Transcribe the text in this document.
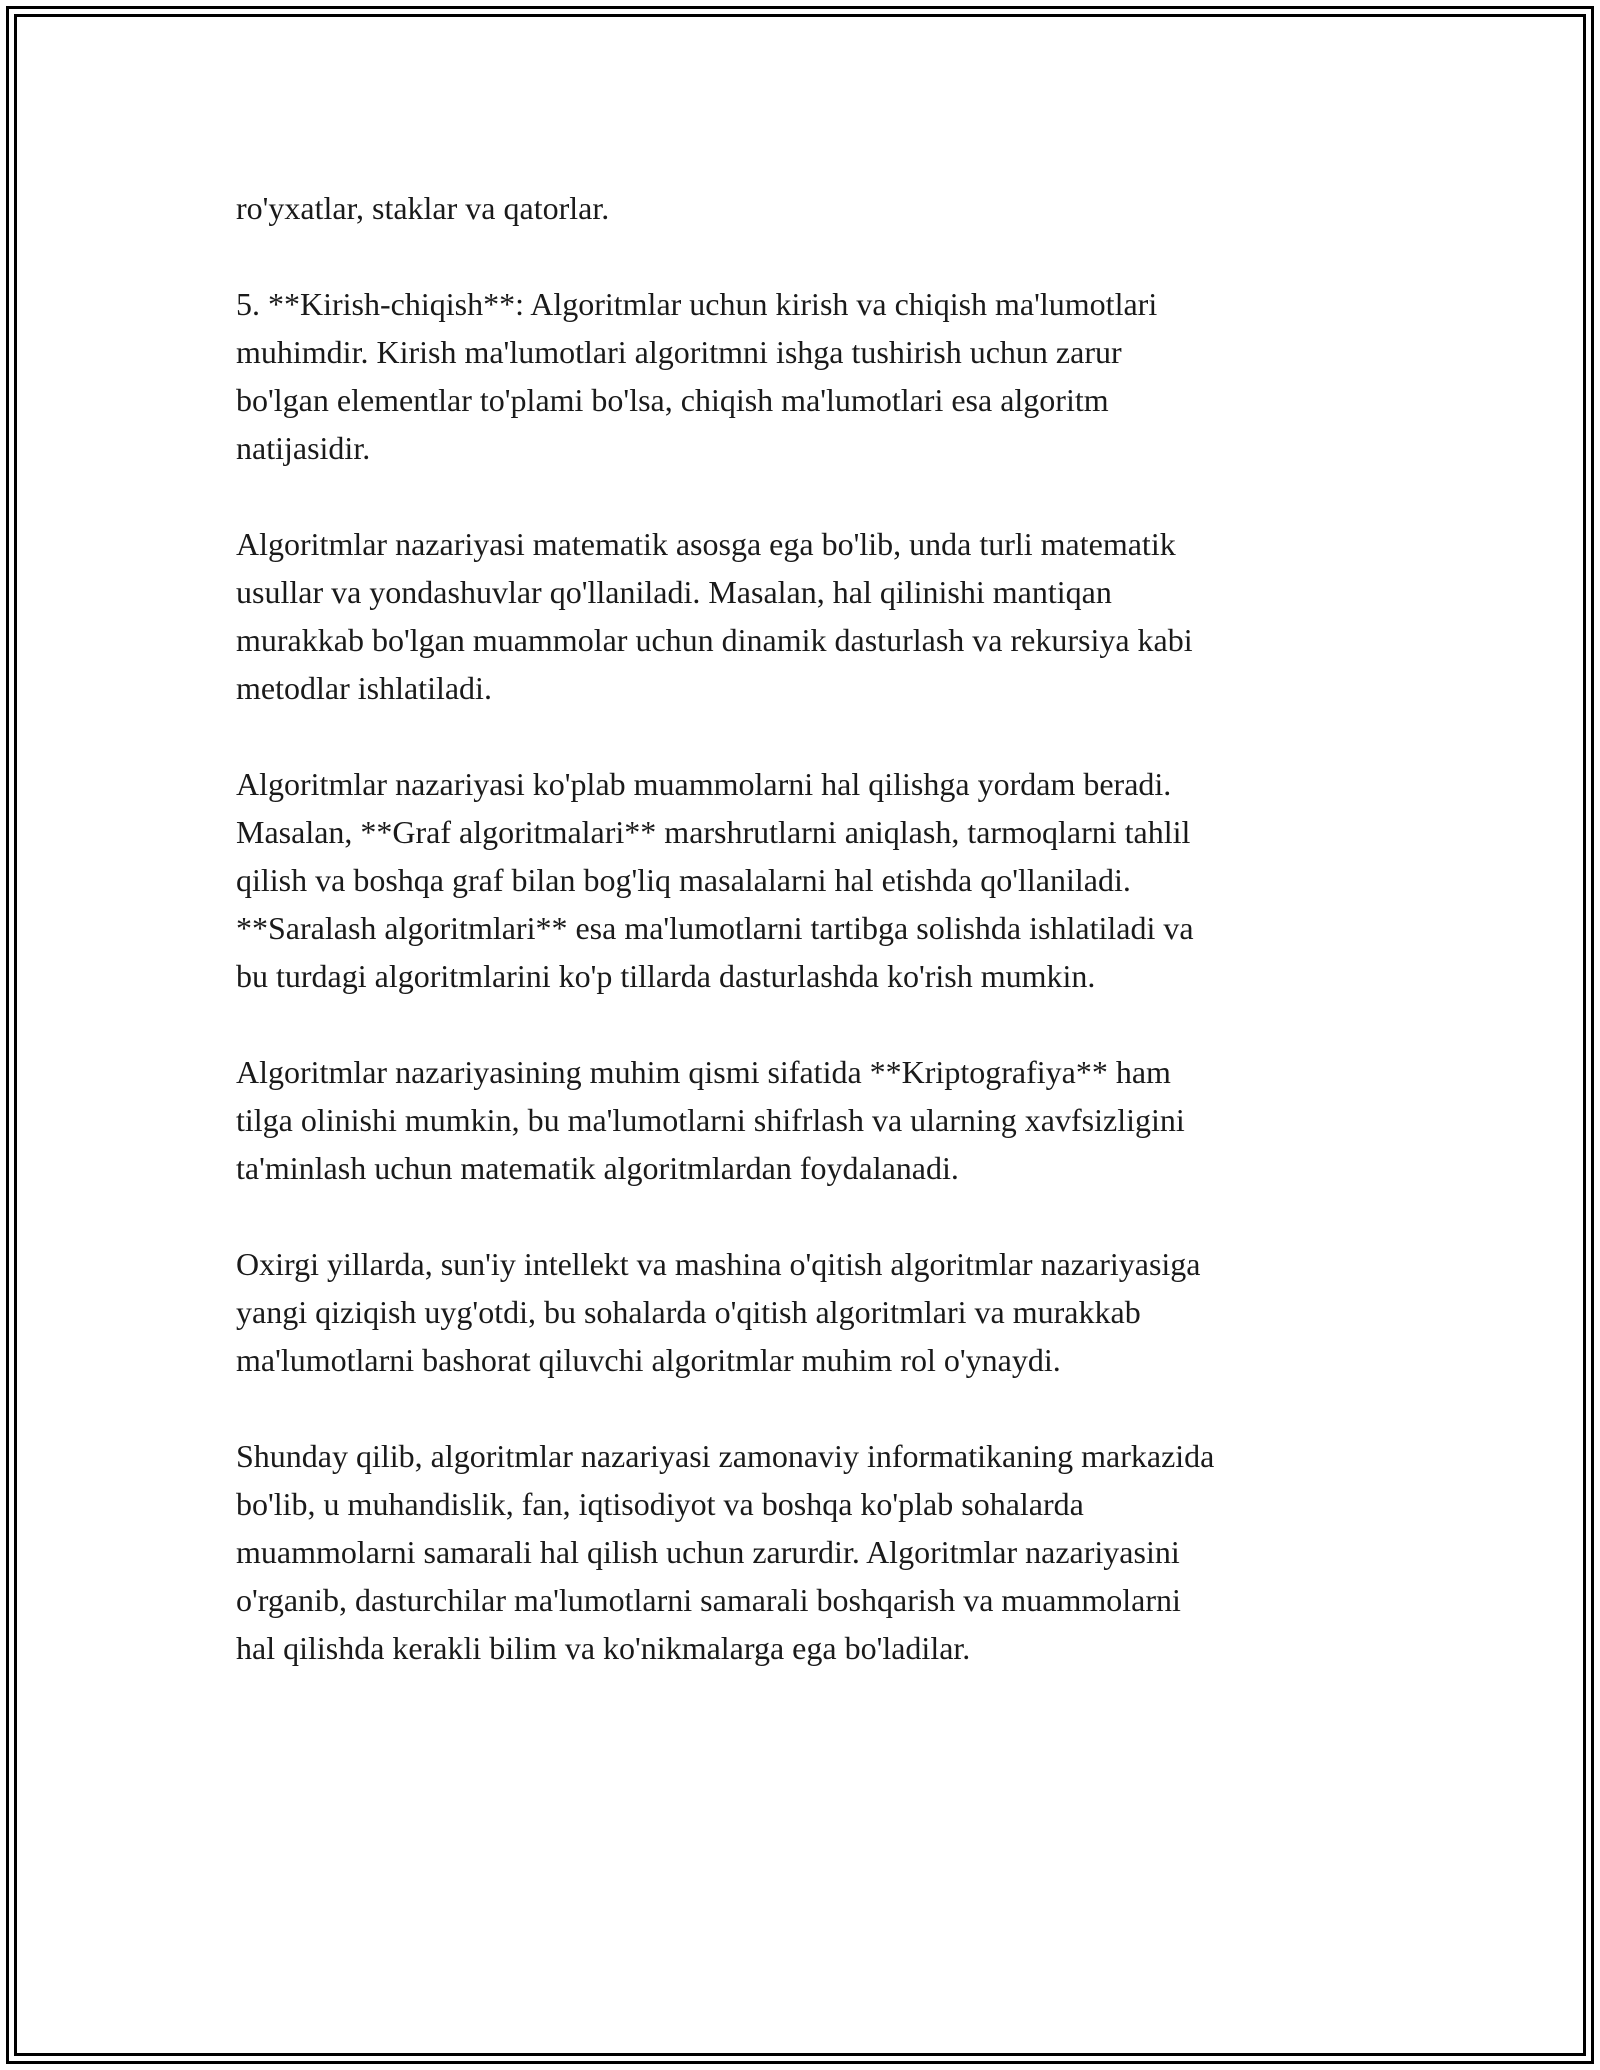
ro'yxatlar, staklar va qatorlar.
5. **Kirish-chiqish**: Algoritmlar uchun kirish va chiqish ma'lumotlari
muhimdir. Kirish ma'lumotlari algoritmni ishga tushirish uchun zarur
bo'lgan elementlar to'plami bo'lsa, chiqish ma'lumotlari esa algoritm
natijasidir.
Algoritmlar nazariyasi matematik asosga ega bo'lib, unda turli matematik
usullar va yondashuvlar qo'llaniladi. Masalan, hal qilinishi mantiqan
murakkab bo'lgan muammolar uchun dinamik dasturlash va rekursiya kabi
metodlar ishlatiladi.
Algoritmlar nazariyasi ko'plab muammolarni hal qilishga yordam beradi.
Masalan, **Graf algoritmalari** marshrutlarni aniqlash, tarmoqlarni tahlil
qilish va boshqa graf bilan bog'liq masalalarni hal etishda qo'llaniladi.
**Saralash algoritmlari** esa ma'lumotlarni tartibga solishda ishlatiladi va
bu turdagi algoritmlarini ko'p tillarda dasturlashda ko'rish mumkin.
Algoritmlar nazariyasining muhim qismi sifatida **Kriptografiya** ham
tilga olinishi mumkin, bu ma'lumotlarni shifrlash va ularning xavfsizligini
ta'minlash uchun matematik algoritmlardan foydalanadi.
Oxirgi yillarda, sun'iy intellekt va mashina o'qitish algoritmlar nazariyasiga
yangi qiziqish uyg'otdi, bu sohalarda o'qitish algoritmlari va murakkab
ma'lumotlarni bashorat qiluvchi algoritmlar muhim rol o'ynaydi.
Shunday qilib, algoritmlar nazariyasi zamonaviy informatikaning markazida
bo'lib, u muhandislik, fan, iqtisodiyot va boshqa ko'plab sohalarda
muammolarni samarali hal qilish uchun zarurdir. Algoritmlar nazariyasini
o'rganib, dasturchilar ma'lumotlarni samarali boshqarish va muammolarni
hal qilishda kerakli bilim va ko'nikmalarga ega bo'ladilar.
